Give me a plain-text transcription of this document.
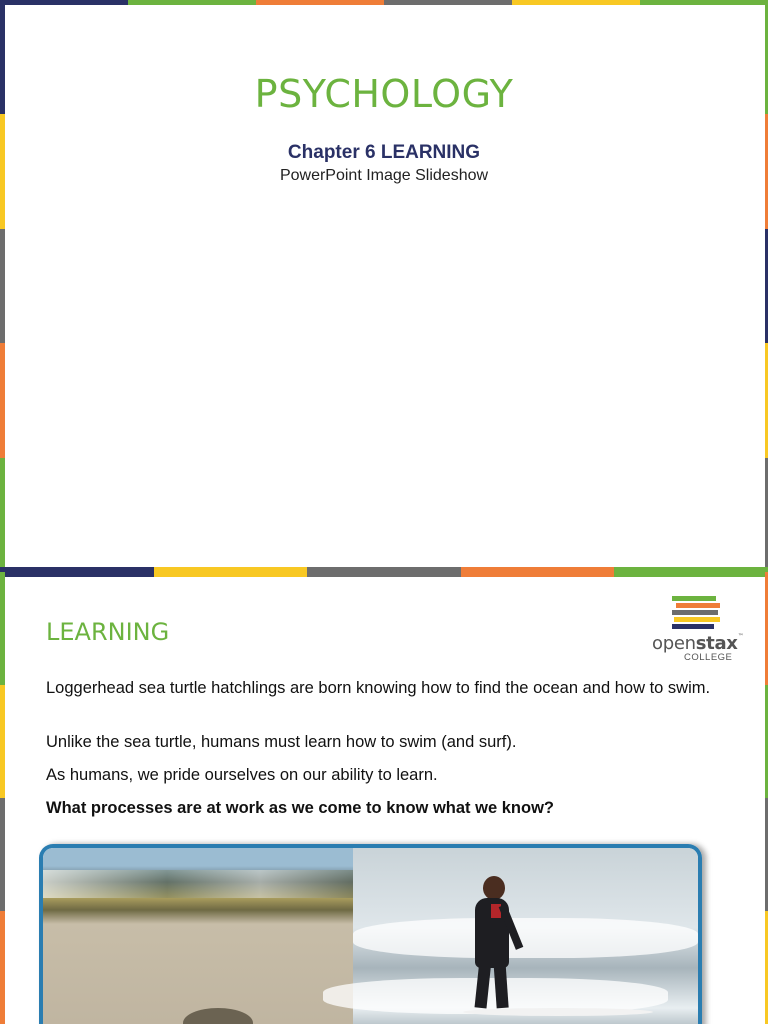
PSYCHOLOGY
Chapter 6 LEARNING
PowerPoint Image Slideshow
LEARNING	openstax™
COLLEGE
Loggerhead sea turtle hatchlings are born knowing how to find the ocean and how to swim.
Unlike the sea turtle, humans must learn how to swim (and surf).
As humans, we pride ourselves on our ability to learn.
What processes are at work as we come to know what we know?
